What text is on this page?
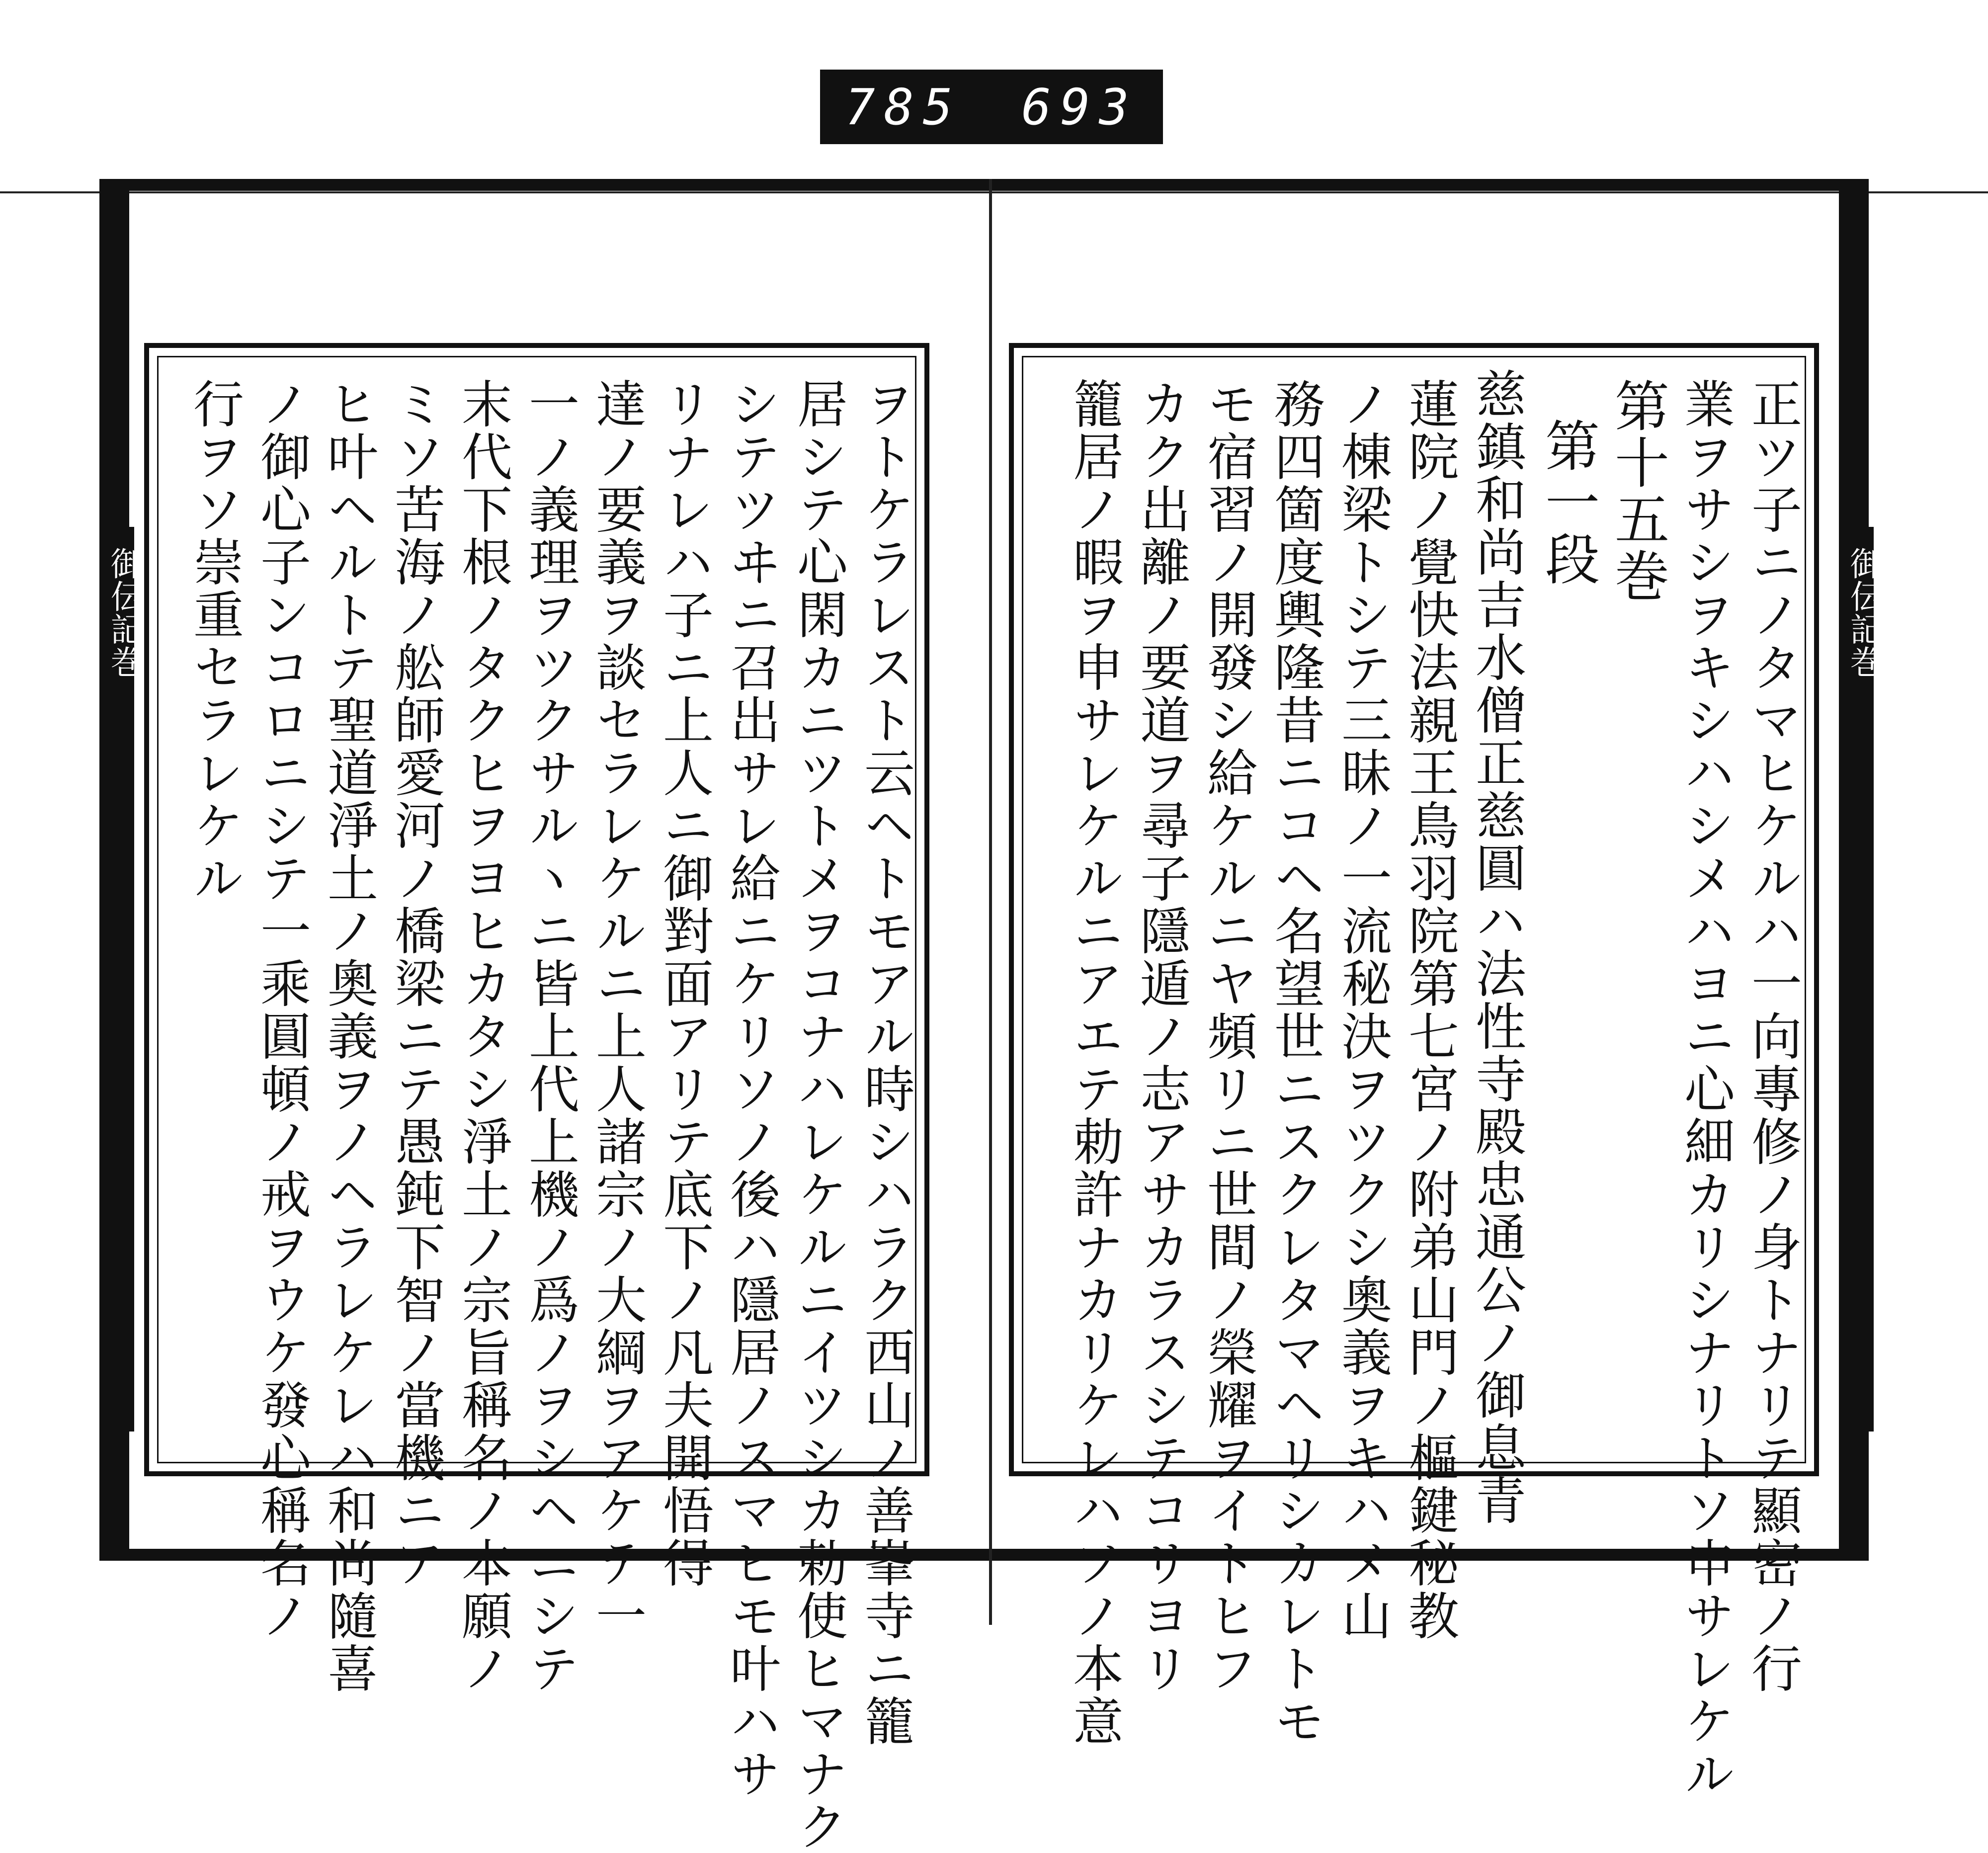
785 693
ヲトケラレスト云ヘトモアル時シハラク西山ノ善峯寺ニ籠
居シテ心閑カニツトメヲコナハレケルニイツシカ勅使ヒマナク
シテツヰニ召出サレ給ニケリソノ後ハ隱居ノスマヒモ叶ハサ
リナレハ子ニ上人ニ御對面アリテ底下ノ凡夫開悟得
達ノ要義ヲ談セラレケルニ上人諸宗ノ大綱ヲアケテ一
一ノ義理ヲツクサルヽニ皆上代上機ノ爲ノヲシヘニシテ
末代下根ノタクヒヲヨヒカタシ淨土ノ宗旨稱名ノ本願ノ
ミソ苦海ノ舩師愛河ノ橋梁ニテ愚鈍下智ノ當機ニア
ヒ叶ヘルトテ聖道淨土ノ奧義ヲノヘラレケレハ和尚隨喜
ノ御心子ンコロニシテ一乘圓頓ノ戒ヲウケ發心稱名ノ
行ヲソ崇重セラレケル	正ツ子ニノタマヒケルハ一向專修ノ身トナリテ顯密ノ行
業ヲサシヲキシハシメハヨニ心細カリシナリトソ申サレケル
第十五巻
第一段
慈鎮和尚吉水僧正慈圓ハ法性寺殿忠通公ノ御息青
蓮院ノ覺快法親王鳥羽院第七宮ノ附弟山門ノ樞鍵秘教
ノ棟梁トシテ三昧ノ一流秘決ヲツクシ奧義ヲキハメ山
務四箇度輿隆昔ニコヘ名望世ニスクレタマヘリシカレトモ
モ宿習ノ開發シ給ケルニヤ頻リニ世間ノ榮耀ヲイトヒフ
カク出離ノ要道ヲ尋子隱遁ノ志アサカラスシテコリヨリ
籠居ノ暇ヲ申サレケルニアエテ勅許ナカリケレハソノ本意
御伝記巻	御伝記巻
